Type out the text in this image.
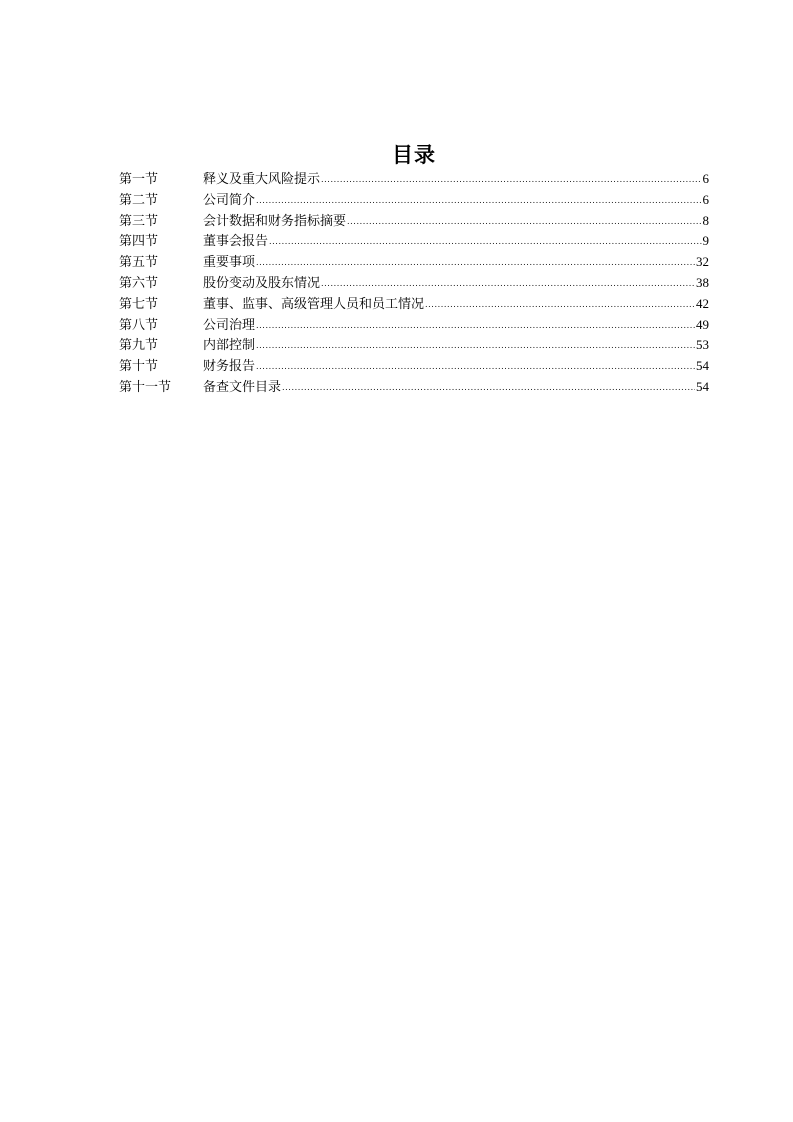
目录
第一节	释义及重大风险提示 .....	6
第二节	公司简介 .....	6
第三节	会计数据和财务指标摘要 .....	8
第四节	董事会报告 .....	9
第五节	重要事项 .....	32
第六节	股份变动及股东情况 .....	38
第七节	董事、监事、高级管理人员和员工情况 .....	42
第八节	公司治理 .....	49
第九节	内部控制 .....	53
第十节	财务报告 .....	54
第十一节	备查文件目录 .....	54
